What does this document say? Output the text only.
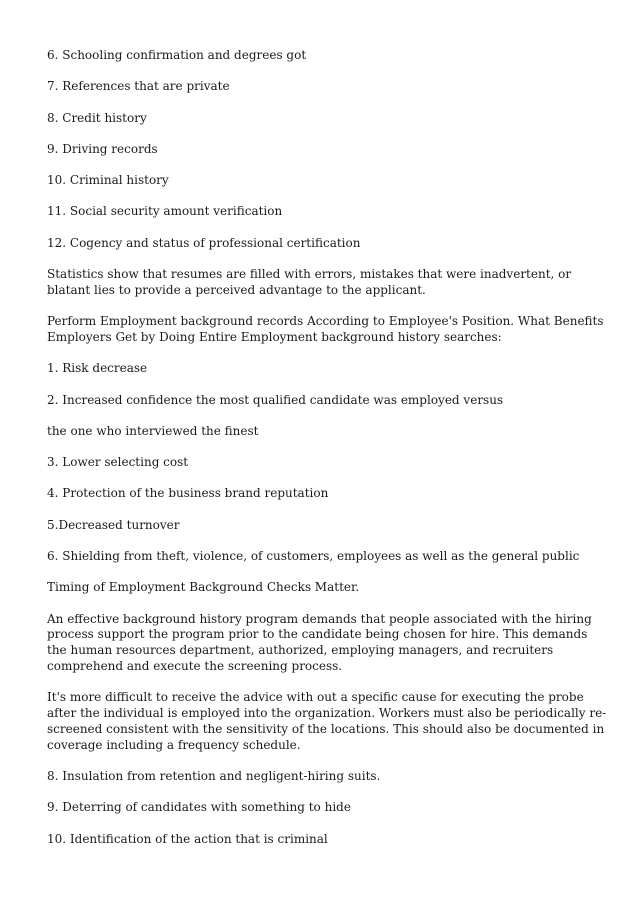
6. Schooling confirmation and degrees got

7. References that are private

8. Credit history

9. Driving records

10. Criminal history

11. Social security amount verification

12. Cogency and status of professional certification

Statistics show that resumes are filled with errors, mistakes that were inadvertent, or blatant lies to provide a perceived advantage to the applicant.

Perform Employment background records According to Employee's Position. What Benefits Employers Get by Doing Entire Employment background history searches:

1. Risk decrease

2. Increased confidence the most qualified candidate was employed versus

the one who interviewed the finest

3. Lower selecting cost

4. Protection of the business brand reputation

5.Decreased turnover

6. Shielding from theft, violence, of customers, employees as well as the general public

Timing of Employment Background Checks Matter.

An effective background history program demands that people associated with the hiring process support the program prior to the candidate being chosen for hire. This demands the human resources department, authorized, employing managers, and recruiters comprehend and execute the screening process.

It's more difficult to receive the advice with out a specific cause for executing the probe after the individual is employed into the organization. Workers must also be periodically re-screened consistent with the sensitivity of the locations. This should also be documented in coverage including a frequency schedule.

8. Insulation from retention and negligent-hiring suits.

9. Deterring of candidates with something to hide

10. Identification of the action that is criminal
